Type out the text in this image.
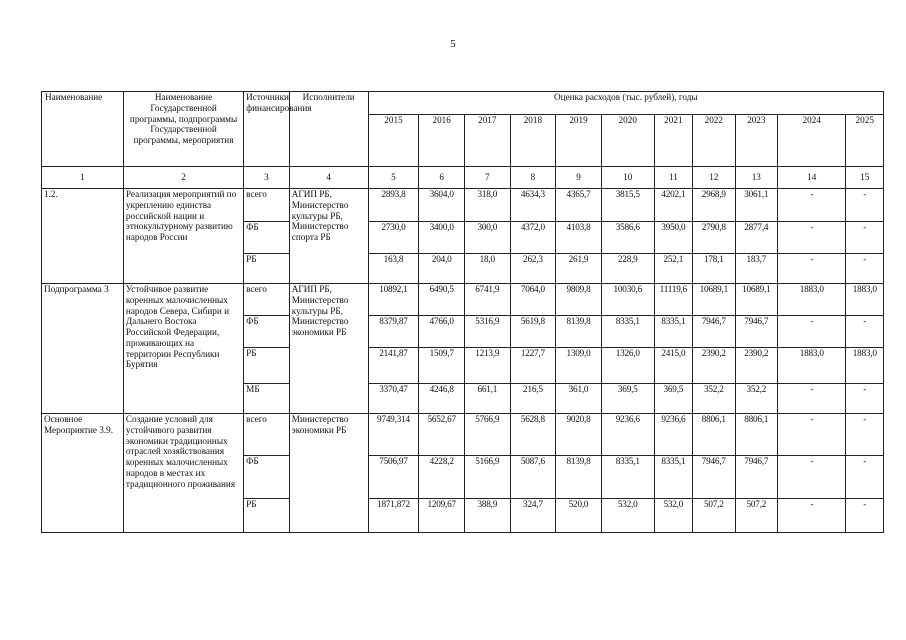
5
Наименование	Наименование Государственной программы, подпрограммы Государственной программы, мероприятия	Источники финансирования	Исполнители	Оценка расходов (тыс. рублей), годы										
				2015	2016	2017	2018	2019	2020	2021	2022	2023	2024	2025
1	2	3	4	5	6	7	8	9	10	11	12	13	14	15
1.2.	Реализация мероприятий по укреплению единства российской нации и этнокультурному развитию народов России	всего	АГИП РБ, Министерство культуры РБ, Министерство спорта РБ	2893,8	3604,0	318,0	4634,3	4365,7	3815,5	4202,1	2968,9	3061,1	-	-
		ФБ		2730,0	3400,0	300,0	4372,0	4103,8	3586,6	3950,0	2790,8	2877,4	-	-
		РБ		163,8	204,0	18,0	262,3	261,9	228,9	252,1	178,1	183,7	-	-
Подпрограмма 3	Устойчивое развитие коренных малочисленных народов Севера, Сибири и Дальнего Востока Российской Федерации, проживающих на территории Республики Бурятия	всего	АГИП РБ, Министерство культуры РБ, Министерство экономики РБ	10892,1	6490,5	6741,9	7064,0	9809,8	10030,6	11119,6	10689,1	10689,1	1883,0	1883,0
		ФБ		8379,87	4766,0	5316,9	5619,8	8139,8	8335,1	8335,1	7946,7	7946,7	-	-
		РБ		2141,87	1509,7	1213,9	1227,7	1309,0	1326,0	2415,0	2390,2	2390,2	1883,0	1883,0
		МБ		3370,47	4246,8	661,1	216,5	361,0	369,5	369,5	352,2	352,2	-	-
Основное Мероприятие 3.9.	Создание условий для устойчивого развития экономики традиционных отраслей хозяйствования коренных малочисленных народов в местах их традиционного проживания	всего	Министерство экономики РБ	9749,314	5652,67	5766,9	5628,8	9020,8	9236,6	9236,6	8806,1	8806,1	-	-
		ФБ		7506,97	4228,2	5166,9	5087,6	8139,8	8335,1	8335,1	7946,7	7946,7	-	-
		РБ		1871,872	1209,67	388,9	324,7	520,0	532,0	532,0	507,2	507,2	-	-
